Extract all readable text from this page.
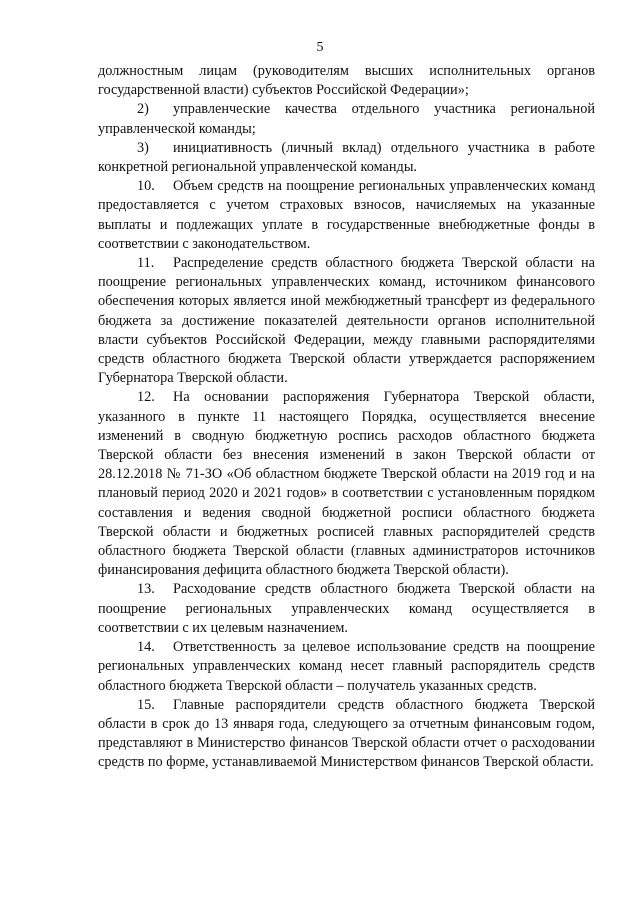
5

должностным лицам (руководителям высших исполнительных органов государственной власти) субъектов Российской Федерации»;

2) управленческие качества отдельного участника региональной управленческой команды;

3) инициативность (личный вклад) отдельного участника в работе конкретной региональной управленческой команды.

10. Объем средств на поощрение региональных управленческих команд предоставляется с учетом страховых взносов, начисляемых на указанные выплаты и подлежащих уплате в государственные внебюджетные фонды в соответствии с законодательством.

11. Распределение средств областного бюджета Тверской области на поощрение региональных управленческих команд, источником финансового обеспечения которых является иной межбюджетный трансферт из федерального бюджета за достижение показателей деятельности органов исполнительной власти субъектов Российской Федерации, между главными распорядителями средств областного бюджета Тверской области утверждается распоряжением Губернатора Тверской области.

12. На основании распоряжения Губернатора Тверской области, указанного в пункте 11 настоящего Порядка, осуществляется внесение изменений в сводную бюджетную роспись расходов областного бюджета Тверской области без внесения изменений в закон Тверской области от 28.12.2018 № 71-ЗО «Об областном бюджете Тверской области на 2019 год и на плановый период 2020 и 2021 годов» в соответствии с установленным порядком составления и ведения сводной бюджетной росписи областного бюджета Тверской области и бюджетных росписей главных распорядителей средств областного бюджета Тверской области (главных администраторов источников финансирования дефицита областного бюджета Тверской области).

13. Расходование средств областного бюджета Тверской области на поощрение региональных управленческих команд осуществляется в соответствии с их целевым назначением.

14. Ответственность за целевое использование средств на поощрение региональных управленческих команд несет главный распорядитель средств областного бюджета Тверской области – получатель указанных средств.

15. Главные распорядители средств областного бюджета Тверской области в срок до 13 января года, следующего за отчетным финансовым годом, представляют в Министерство финансов Тверской области отчет о расходовании средств по форме, устанавливаемой Министерством финансов Тверской области.
